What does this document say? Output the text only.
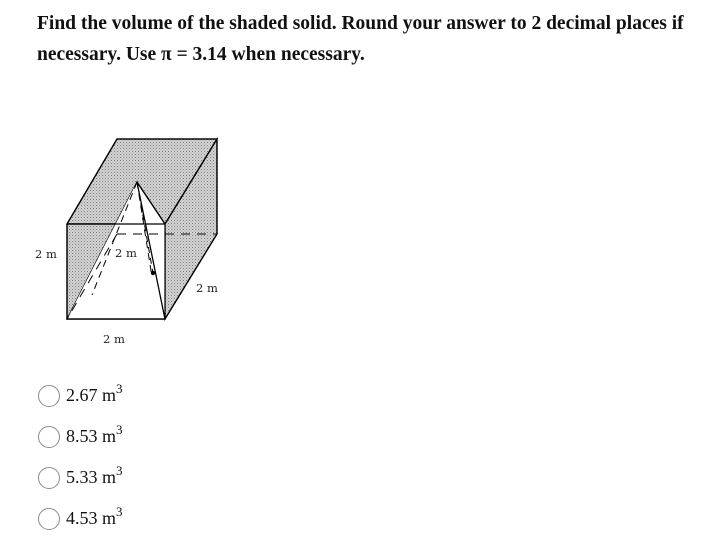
Find the volume of the shaded solid. Round your answer to 2 decimal places if necessary. Use π = 3.14 when necessary.

2 m	2 m
2 m
2 m
2.67 $m^3$
8.53 $m^3$
5.33 $m^3$
4.53 $m^3$
